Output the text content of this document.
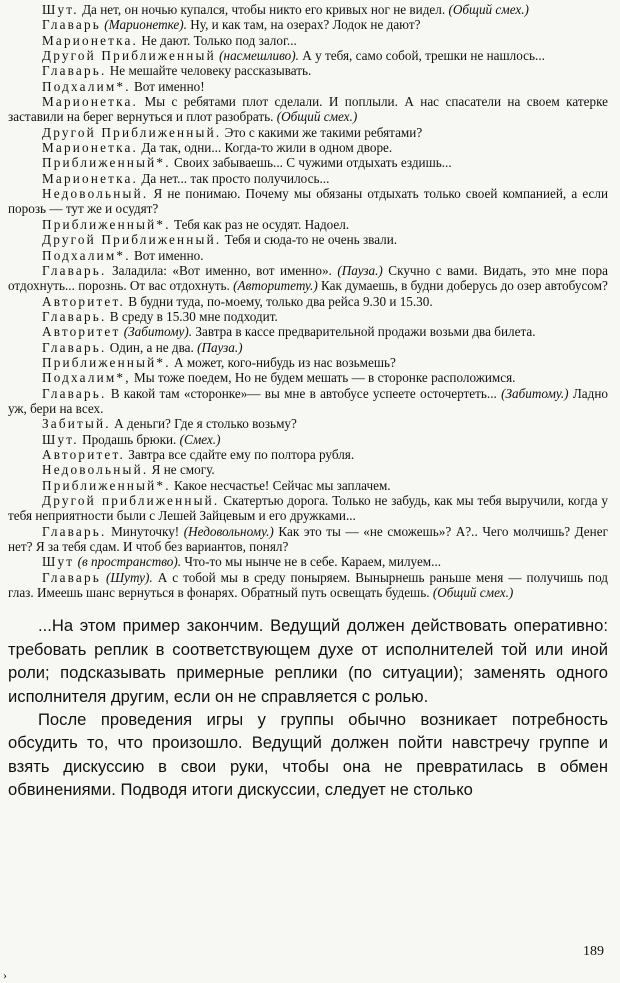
Шут. Да нет, он ночью купался, чтобы никто его кривых ног не видел. (Общий смех.)

Главарь (Марионетке). Ну, и как там, на озерах? Лодок не дают?

Марионетка. Не дают. Только под залог...

Другой Приближенный (насмешливо). А у тебя, само собой, трешки не нашлось...

Главарь. Не мешайте человеку рассказывать.

Подхалим*. Вот именно!

Марионетка. Мы с ребятами плот сделали. И поплыли. А нас спасатели на своем катерке заставили на берег вернуться и плот разобрать. (Общий смех.)

Другой Приближенный. Это с какими же такими ребятами?

Марионетка. Да так, одни... Когда-то жили в одном дворе.

Приближенный*. Своих забываешь... С чужими отдыхать ездишь...

Марионетка. Да нет... так просто получилось...

Недовольный. Я не понимаю. Почему мы обязаны отдыхать только своей компанией, а если порозь — тут же и осудят?

Приближенный*. Тебя как раз не осудят. Надоел.

Другой Приближенный. Тебя и сюда-то не очень звали.

Подхалим*. Вот именно.

Главарь. Заладила: «Вот именно, вот именно». (Пауза.) Скучно с вами. Видать, это мне пора отдохнуть... порознь. От вас отдохнуть. (Авторитету.) Как думаешь, в будни доберусь до озер автобусом?

Авторитет. В будни туда, по-моему, только два рейса 9.30 и 15.30.

Главарь. В среду в 15.30 мне подходит.

Авторитет (Забитому). Завтра в кассе предварительной продажи возьми два билета.

Главарь. Один, а не два. (Пауза.)

Приближенный*. А может, кого-нибудь из нас возьмешь?

Подхалим*, Мы тоже поедем, Но не будем мешать — в сторонке расположимся.

Главарь. В какой там «сторонке»— вы мне в автобусе успеете осточертеть... (Забитому.) Ладно уж, бери на всех.

Забитый. А деньги? Где я столько возьму?

Шут. Продашь брюки. (Смех.)

Авторитет. Завтра все сдайте ему по полтора рубля.

Недовольный. Я не смогу.

Приближенный*. Какое несчастье! Сейчас мы заплачем.

Другой приближенный. Скатертью дорога. Только не забудь, как мы тебя выручили, когда у тебя неприятности были с Лешей Зайцевым и его дружками...

Главарь. Минуточку! (Недовольному.) Как это ты — «не сможешь»? А?.. Чего молчишь? Денег нет? Я за тебя сдам. И чтоб без вариантов, понял?

Шут (в пространство). Что-то мы нынче не в себе. Караем, милуем...

Главарь (Шуту). А с тобой мы в среду поныряем. Вынырнешь раньше меня — получишь под глаз. Имеешь шанс вернуться в фонарях. Обратный путь освещать будешь. (Общий смех.)

...На этом пример закончим. Ведущий должен действовать оперативно: требовать реплик в соответствующем духе от исполнителей той или иной роли; подсказывать примерные реплики (по ситуации); заменять одного исполнителя другим, если он не справляется с ролью.

После проведения игры у группы обычно возникает потребность обсудить то, что произошло. Ведущий должен пойти навстречу группе и взять дискуссию в свои руки, чтобы она не превратилась в обмен обвинениями. Подводя итоги дискуссии, следует не столько

189
›
